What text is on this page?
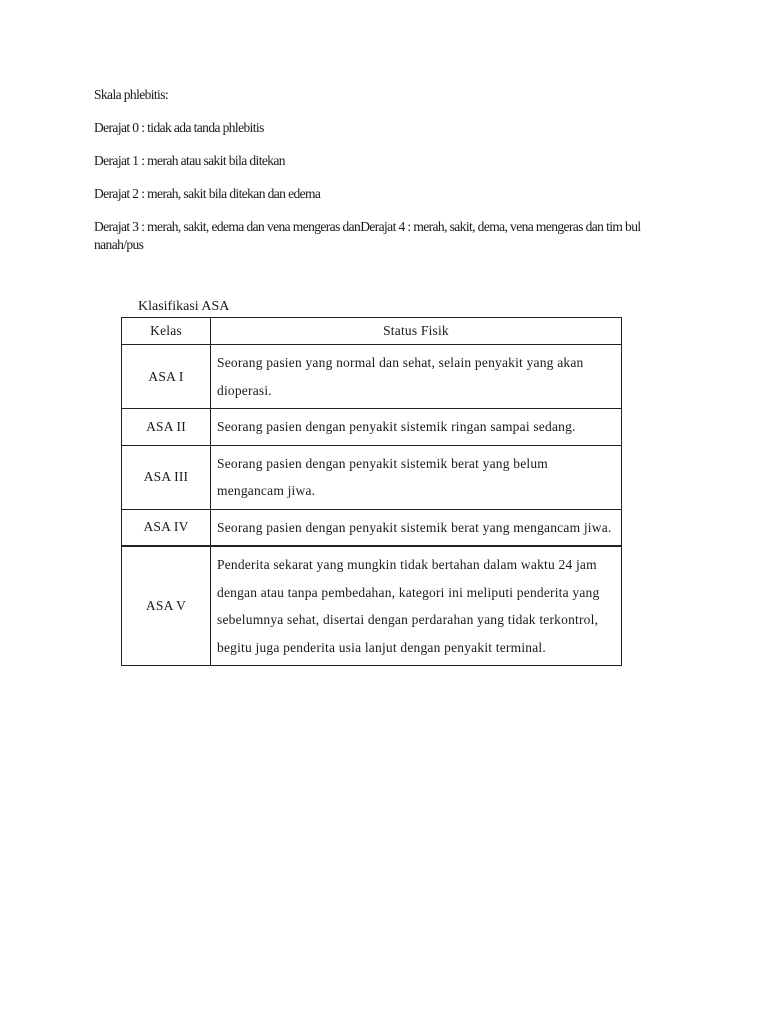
Skala phlebitis:

Derajat 0 : tidak ada tanda phlebitis

Derajat 1 : merah atau sakit bila ditekan

Derajat 2 : merah, sakit bila ditekan dan edema

Derajat 3 : merah, sakit, edema dan vena mengeras danDerajat 4 : merah, sakit, dema, vena mengeras dan tim bul nanah/pus

Klasifikasi ASA
Kelas	Status Fisik
ASA I	Seorang pasien yang normal dan sehat, selain penyakit yang akan dioperasi.
ASA II	Seorang pasien dengan penyakit sistemik ringan sampai sedang.
ASA III	Seorang pasien dengan penyakit sistemik berat yang belum mengancam jiwa.
ASA IV	Seorang pasien dengan penyakit sistemik berat yang mengancam jiwa.
ASA V	Penderita sekarat yang mungkin tidak bertahan dalam waktu 24 jam dengan atau tanpa pembedahan, kategori ini meliputi penderita yang sebelumnya sehat, disertai dengan perdarahan yang tidak terkontrol, begitu juga penderita usia lanjut dengan penyakit terminal.
